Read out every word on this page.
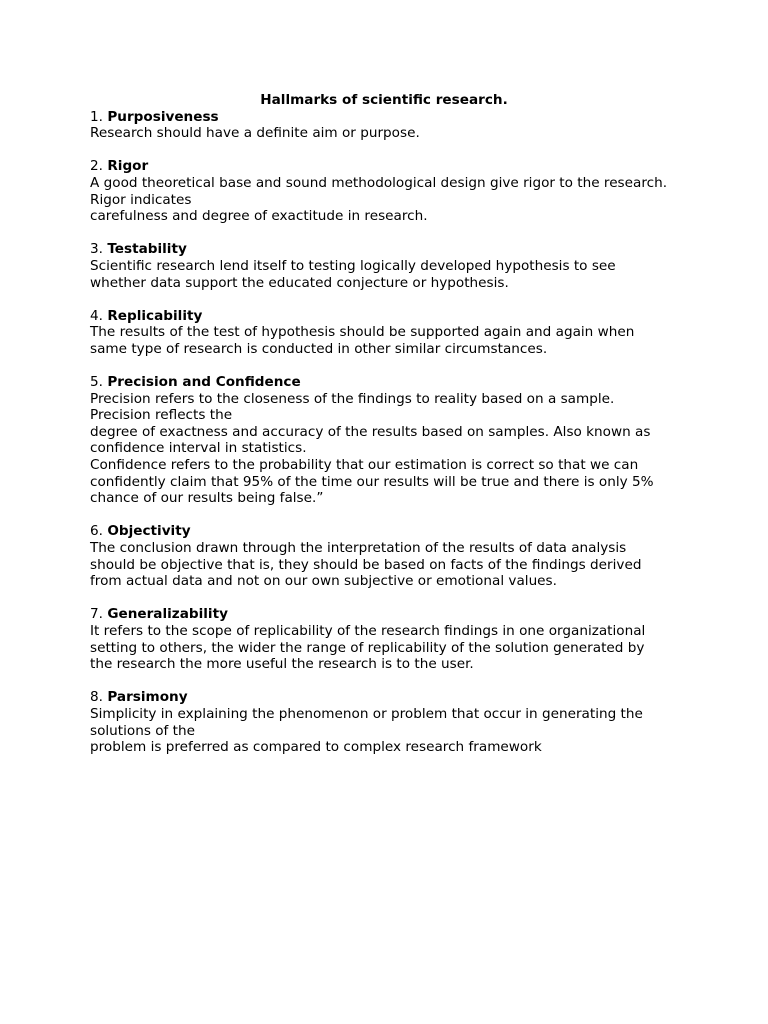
Hallmarks of scientific research.

1. Purposiveness

Research should have a definite aim or purpose.

2. Rigor

A good theoretical base and sound methodological design give rigor to the research.

Rigor indicates

carefulness and degree of exactitude in research.

3. Testability

Scientific research lend itself to testing logically developed hypothesis to see

whether data support the educated conjecture or hypothesis.

4. Replicability

The results of the test of hypothesis should be supported again and again when

same type of research is conducted in other similar circumstances.

5. Precision and Confidence

Precision refers to the closeness of the findings to reality based on a sample.

Precision reflects the

degree of exactness and accuracy of the results based on samples. Also known as

confidence interval in statistics.

Confidence refers to the probability that our estimation is correct so that we can

confidently claim that 95% of the time our results will be true and there is only 5%

chance of our results being false.”

6. Objectivity

The conclusion drawn through the interpretation of the results of data analysis

should be objective that is, they should be based on facts of the findings derived

from actual data and not on our own subjective or emotional values.

7. Generalizability

It refers to the scope of replicability of the research findings in one organizational

setting to others, the wider the range of replicability of the solution generated by

the research the more useful the research is to the user.

8. Parsimony

Simplicity in explaining the phenomenon or problem that occur in generating the

solutions of the

problem is preferred as compared to complex research framework
